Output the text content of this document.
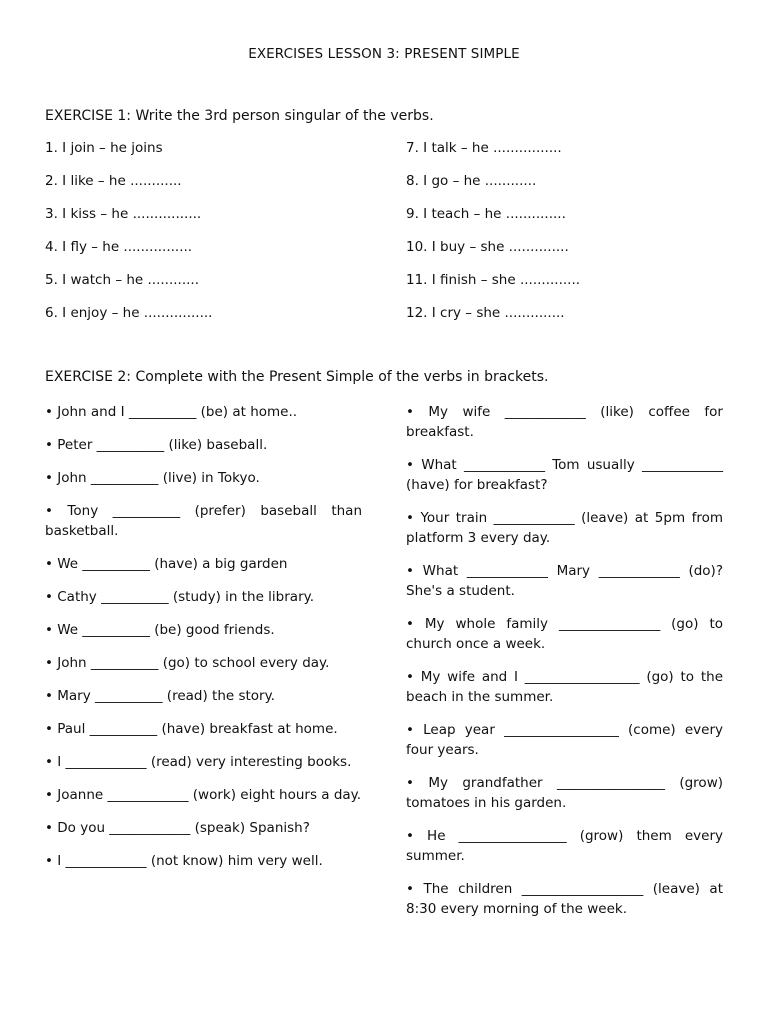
EXERCISES LESSON 3: PRESENT SIMPLE
EXERCISE 1: Write the 3rd person singular of the verbs.
1. I join – he joins
2. I like – he ............
3. I kiss – he ................
4. I fly – he ................
5. I watch – he ............
6. I enjoy – he ................
7. I talk – he ................
8. I go – he ............
9. I teach – he ..............
10. I buy – she ..............
11. I finish – she ..............
12. I cry – she ..............
EXERCISE 2: Complete with the Present Simple of the verbs in brackets.
• John and I __________ (be) at home..
• Peter __________ (like) baseball.
• John __________ (live) in Tokyo.
• Tony __________ (prefer) baseball than basketball.
• We __________ (have) a big garden
• Cathy __________ (study) in the library.
• We __________ (be) good friends.
• John __________ (go) to school every day.
• Mary __________ (read) the story.
• Paul __________ (have) breakfast at home.
• I ____________ (read) very interesting books.
• Joanne ____________ (work) eight hours a day.
• Do you ____________ (speak) Spanish?
• I ____________ (not know) him very well.
• My wife ____________ (like) coffee for breakfast.
• What ____________ Tom usually ____________ (have) for breakfast?
• Your train ____________ (leave) at 5pm from platform 3 every day.
• What ____________ Mary ____________ (do)? She's a student.
• My whole family _______________ (go) to church once a week.
• My wife and I _________________ (go) to the beach in the summer.
• Leap year _________________ (come) every four years.
• My grandfather ________________ (grow) tomatoes in his garden.
• He ________________ (grow) them every summer.
• The children __________________ (leave) at 8:30 every morning of the week.
